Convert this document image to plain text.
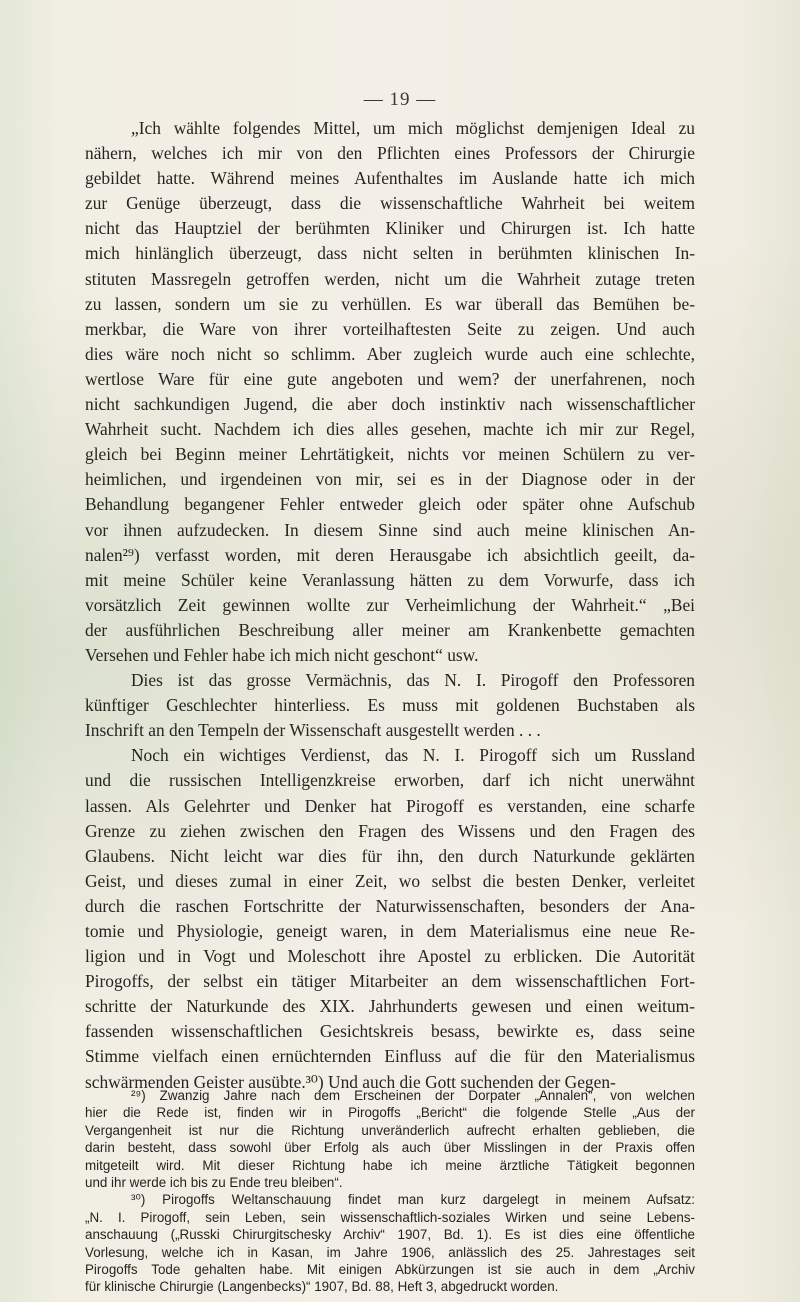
— 19 —
„Ich wählte folgendes Mittel, um mich möglichst demjenigen Ideal zu
nähern, welches ich mir von den Pflichten eines Professors der Chirurgie
gebildet hatte. Während meines Aufenthaltes im Auslande hatte ich mich
zur Genüge überzeugt, dass die wissenschaftliche Wahrheit bei weitem
nicht das Hauptziel der berühmten Kliniker und Chirurgen ist. Ich hatte
mich hinlänglich überzeugt, dass nicht selten in berühmten klinischen In-
stituten Massregeln getroffen werden, nicht um die Wahrheit zutage treten
zu lassen, sondern um sie zu verhüllen. Es war überall das Bemühen be-
merkbar, die Ware von ihrer vorteilhaftesten Seite zu zeigen. Und auch
dies wäre noch nicht so schlimm. Aber zugleich wurde auch eine schlechte,
wertlose Ware für eine gute angeboten und wem? der unerfahrenen, noch
nicht sachkundigen Jugend, die aber doch instinktiv nach wissenschaftlicher
Wahrheit sucht. Nachdem ich dies alles gesehen, machte ich mir zur Regel,
gleich bei Beginn meiner Lehrtätigkeit, nichts vor meinen Schülern zu ver-
heimlichen, und irgendeinen von mir, sei es in der Diagnose oder in der
Behandlung begangener Fehler entweder gleich oder später ohne Aufschub
vor ihnen aufzudecken. In diesem Sinne sind auch meine klinischen An-
nalen²⁹) verfasst worden, mit deren Herausgabe ich absichtlich geeilt, da-
mit meine Schüler keine Veranlassung hätten zu dem Vorwurfe, dass ich
vorsätzlich Zeit gewinnen wollte zur Verheimlichung der Wahrheit.“ „Bei
der ausführlichen Beschreibung aller meiner am Krankenbette gemachten
Versehen und Fehler habe ich mich nicht geschont“ usw.
Dies ist das grosse Vermächnis, das N. I. Pirogoff den Professoren
künftiger Geschlechter hinterliess. Es muss mit goldenen Buchstaben als
Inschrift an den Tempeln der Wissenschaft ausgestellt werden . . .
Noch ein wichtiges Verdienst, das N. I. Pirogoff sich um Russland
und die russischen Intelligenzkreise erworben, darf ich nicht unerwähnt
lassen. Als Gelehrter und Denker hat Pirogoff es verstanden, eine scharfe
Grenze zu ziehen zwischen den Fragen des Wissens und den Fragen des
Glaubens. Nicht leicht war dies für ihn, den durch Naturkunde geklärten
Geist, und dieses zumal in einer Zeit, wo selbst die besten Denker, verleitet
durch die raschen Fortschritte der Naturwissenschaften, besonders der Ana-
tomie und Physiologie, geneigt waren, in dem Materialismus eine neue Re-
ligion und in Vogt und Moleschott ihre Apostel zu erblicken. Die Autorität
Pirogoffs, der selbst ein tätiger Mitarbeiter an dem wissenschaftlichen Fort-
schritte der Naturkunde des XIX. Jahrhunderts gewesen und einen weitum-
fassenden wissenschaftlichen Gesichtskreis besass, bewirkte es, dass seine
Stimme vielfach einen ernüchternden Einfluss auf die für den Materialismus
schwärmenden Geister ausübte.³⁰) Und auch die Gott suchenden der Gegen-
²⁹) Zwanzig Jahre nach dem Erscheinen der Dorpater „Annalen“, von welchen
hier die Rede ist, finden wir in Pirogoffs „Bericht“ die folgende Stelle „Aus der
Vergangenheit ist nur die Richtung unveränderlich aufrecht erhalten geblieben, die
darin besteht, dass sowohl über Erfolg als auch über Misslingen in der Praxis offen
mitgeteilt wird. Mit dieser Richtung habe ich meine ärztliche Tätigkeit begonnen
und ihr werde ich bis zu Ende treu bleiben“.
³⁰) Pirogoffs Weltanschauung findet man kurz dargelegt in meinem Aufsatz:
„N. I. Pirogoff, sein Leben, sein wissenschaftlich-soziales Wirken und seine Lebens-
anschauung („Russki Chirurgitschesky Archiv“ 1907, Bd. 1). Es ist dies eine öffentliche
Vorlesung, welche ich in Kasan, im Jahre 1906, anlässlich des 25. Jahrestages seit
Pirogoffs Tode gehalten habe. Mit einigen Abkürzungen ist sie auch in dem „Archiv
für klinische Chirurgie (Langenbecks)“ 1907, Bd. 88, Heft 3, abgedruckt worden.
